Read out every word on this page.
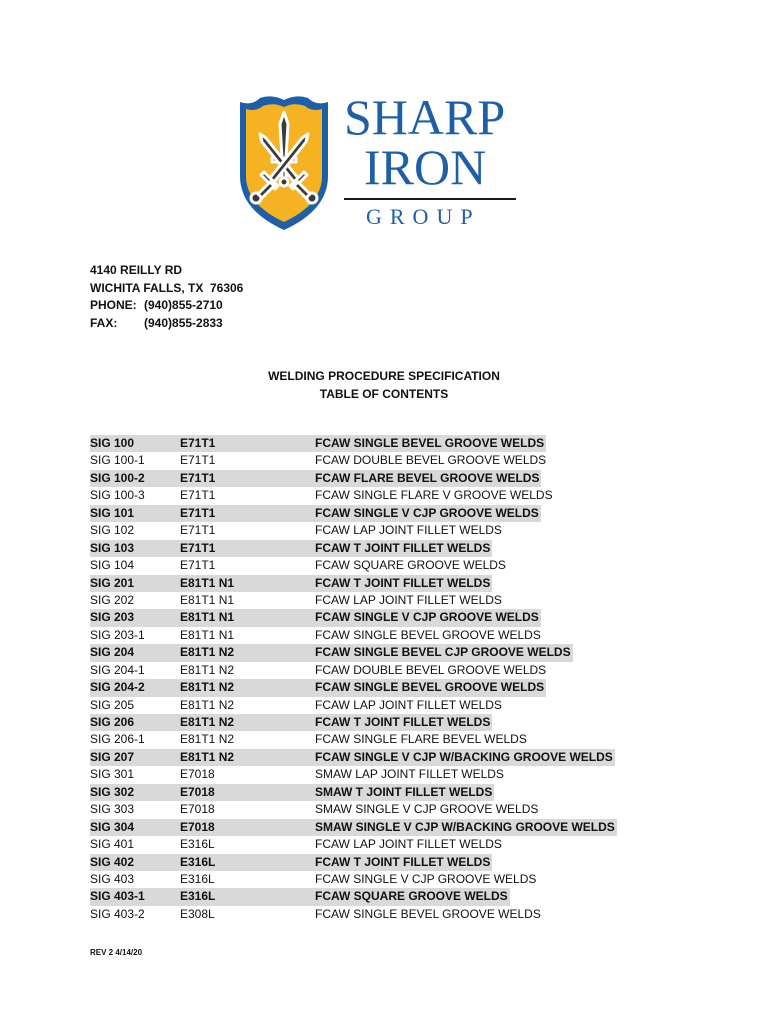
SHARP
IRON
GROUP
4140 REILLY RD
WICHITA FALLS, TX  76306
PHONE: (940)855-2710
FAX: (940)855-2833
WELDING PROCEDURE SPECIFICATION
TABLE OF CONTENTS
SIG 100	E71T1	FCAW SINGLE BEVEL GROOVE WELDS
SIG 100-1	E71T1	FCAW DOUBLE BEVEL GROOVE WELDS
SIG 100-2	E71T1	FCAW FLARE BEVEL GROOVE WELDS
SIG 100-3	E71T1	FCAW SINGLE FLARE V GROOVE WELDS
SIG 101	E71T1	FCAW SINGLE V CJP GROOVE WELDS
SIG 102	E71T1	FCAW LAP JOINT FILLET WELDS
SIG 103	E71T1	FCAW T JOINT FILLET WELDS
SIG 104	E71T1	FCAW SQUARE GROOVE WELDS
SIG 201	E81T1 N1	FCAW T JOINT FILLET WELDS
SIG 202	E81T1 N1	FCAW LAP JOINT FILLET WELDS
SIG 203	E81T1 N1	FCAW SINGLE V CJP GROOVE WELDS
SIG 203-1	E81T1 N1	FCAW SINGLE BEVEL GROOVE WELDS
SIG 204	E81T1 N2	FCAW SINGLE BEVEL CJP GROOVE WELDS
SIG 204-1	E81T1 N2	FCAW DOUBLE BEVEL GROOVE WELDS
SIG 204-2	E81T1 N2	FCAW SINGLE BEVEL GROOVE WELDS
SIG 205	E81T1 N2	FCAW LAP JOINT FILLET WELDS
SIG 206	E81T1 N2	FCAW T JOINT FILLET WELDS
SIG 206-1	E81T1 N2	FCAW SINGLE FLARE BEVEL WELDS
SIG 207	E81T1 N2	FCAW SINGLE V CJP W/BACKING GROOVE WELDS
SIG 301	E7018	SMAW LAP JOINT FILLET WELDS
SIG 302	E7018	SMAW T JOINT FILLET WELDS
SIG 303	E7018	SMAW SINGLE V CJP GROOVE WELDS
SIG 304	E7018	SMAW SINGLE V CJP W/BACKING GROOVE WELDS
SIG 401	E316L	FCAW LAP JOINT FILLET WELDS
SIG 402	E316L	FCAW T JOINT FILLET WELDS
SIG 403	E316L	FCAW SINGLE V CJP GROOVE WELDS
SIG 403-1	E316L	FCAW SQUARE GROOVE WELDS
SIG 403-2	E308L	FCAW SINGLE BEVEL GROOVE WELDS
REV 2 4/14/20
